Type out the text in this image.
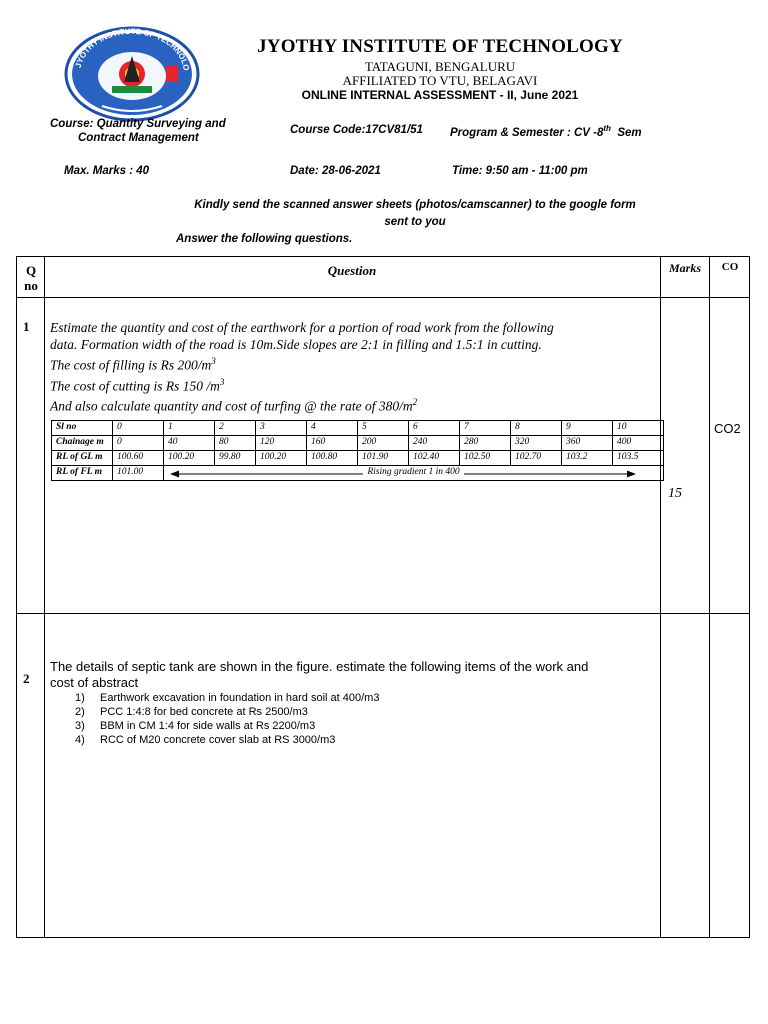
JYOTHY INSTITUTE OF TECHNOLO
JYOTHY INSTITUTE OF TECHNOLOGY
TATAGUNI, BENGALURU
AFFILIATED TO VTU, BELAGAVI
ONLINE INTERNAL ASSESSMENT - II, June 2021
Course: Quantity Surveying and
Contract Management
Course Code:17CV81/51 Program & Semester : CV -8th  Sem
Max. Marks : 40	Date: 28-06-2021	Time: 9:50 am - 11:00 pm
Kindly send the scanned answer sheets (photos/camscanner) to the google form
sent to you
Answer the following questions.
Q
no
Question	Marks	CO
1 Estimate the quantity and cost of the earthwork for a portion of road work from the following
data. Formation width of the road is 10m.Side slopes are 2:1 in filling and 1.5:1 in cutting.
The cost of filling is Rs $200/m^3$
The cost of cutting is Rs 150 $/m^3$
And also calculate quantity and cost of turfing @ the rate of $380/m^2$
Sl no	0	1	2	3	4	5	6	7	8	9	10
Chainage m	0	40	80	120	160	200	240	280	320	360	400
RL of GL m	100.60	100.20	99.80	100.20	100.80	101.90	102.40	102.50	102.70	103.2	103.5
RL of FL m	101.00	Rising gradient 1 in 400									
15
CO2
2
The details of septic tank are shown in the figure. estimate the following items of the work and
cost of abstract
1) Earthwork excavation in foundation in hard soil at 400/m3
2) PCC 1:4:8 for bed concrete at Rs 2500/m3
3) BBM in CM 1:4 for side walls at Rs 2200/m3
4) RCC of M20 concrete cover slab at RS 3000/m3
